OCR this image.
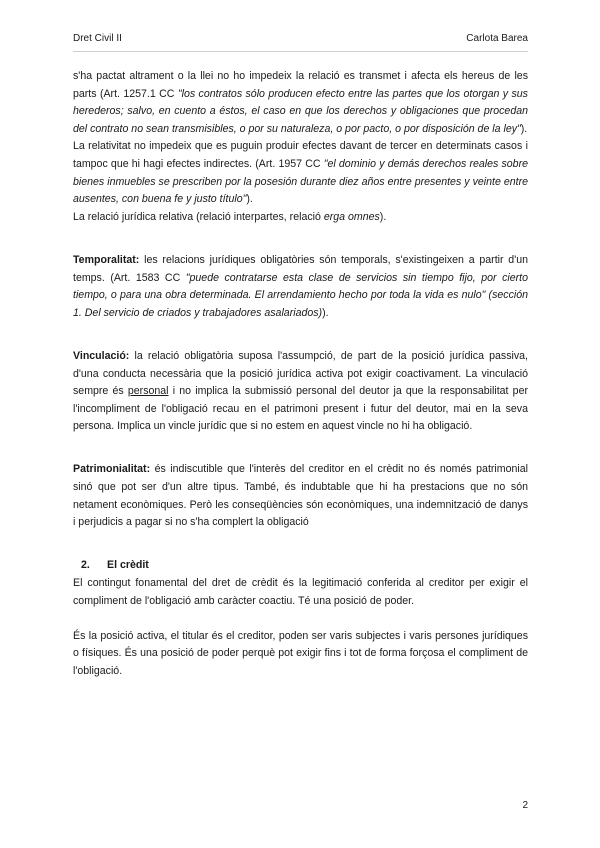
Dret Civil II	Carlota Barea

s'ha pactat altrament o la llei no ho impedeix la relació es transmet i afecta els hereus de les parts (Art. 1257.1 CC "los contratos sólo producen efecto entre las partes que los otorgan y sus herederos; salvo, en cuento a éstos, el caso en que los derechos y obligaciones que procedan del contrato no sean transmisibles, o por su naturaleza, o por pacto, o por disposición de la ley").

La relativitat no impedeix que es puguin produir efectes davant de tercer en determinats casos i tampoc que hi hagi efectes indirectes. (Art. 1957 CC "el dominio y demás derechos reales sobre bienes inmuebles se prescriben por la posesión durante diez años entre presentes y veinte entre ausentes, con buena fe y justo título").

La relació jurídica relativa (relació interpartes, relació erga omnes).

Temporalitat: les relacions jurídiques obligatòries són temporals, s'existingeixen a partir d'un temps. (Art. 1583 CC "puede contratarse esta clase de servicios sin tiempo fijo, por cierto tiempo, o para una obra determinada. El arrendamiento hecho por toda la vida es nulo" (sección 1. Del servicio de criados y trabajadores asalariados)).

Vinculació: la relació obligatòria suposa l'assumpció, de part de la posició jurídica passiva, d'una conducta necessària que la posició jurídica activa pot exigir coactivament. La vinculació sempre és personal i no implica la submissió personal del deutor ja que la responsabilitat per l'incompliment de l'obligació recau en el patrimoni present i futur del deutor, mai en la seva persona. Implica un vincle jurídic que si no estem en aquest vincle no hi ha obligació.

Patrimonialitat: és indiscutible que l'interès del creditor en el crèdit no és només patrimonial sinó que pot ser d'un altre tipus. També, és indubtable que hi ha prestacions que no són netament econòmiques. Però les conseqüències són econòmiques, una indemnització de danys i perjudicis a pagar si no s'ha complert la obligació

2. El crèdit

El contingut fonamental del dret de crèdit és la legitimació conferida al creditor per exigir el compliment de l'obligació amb caràcter coactiu. Té una posició de poder.

És la posició activa, el titular és el creditor, poden ser varis subjectes i varis persones jurídiques o físiques. És una posició de poder perquè pot exigir fins i tot de forma forçosa el compliment de l'obligació.

2
